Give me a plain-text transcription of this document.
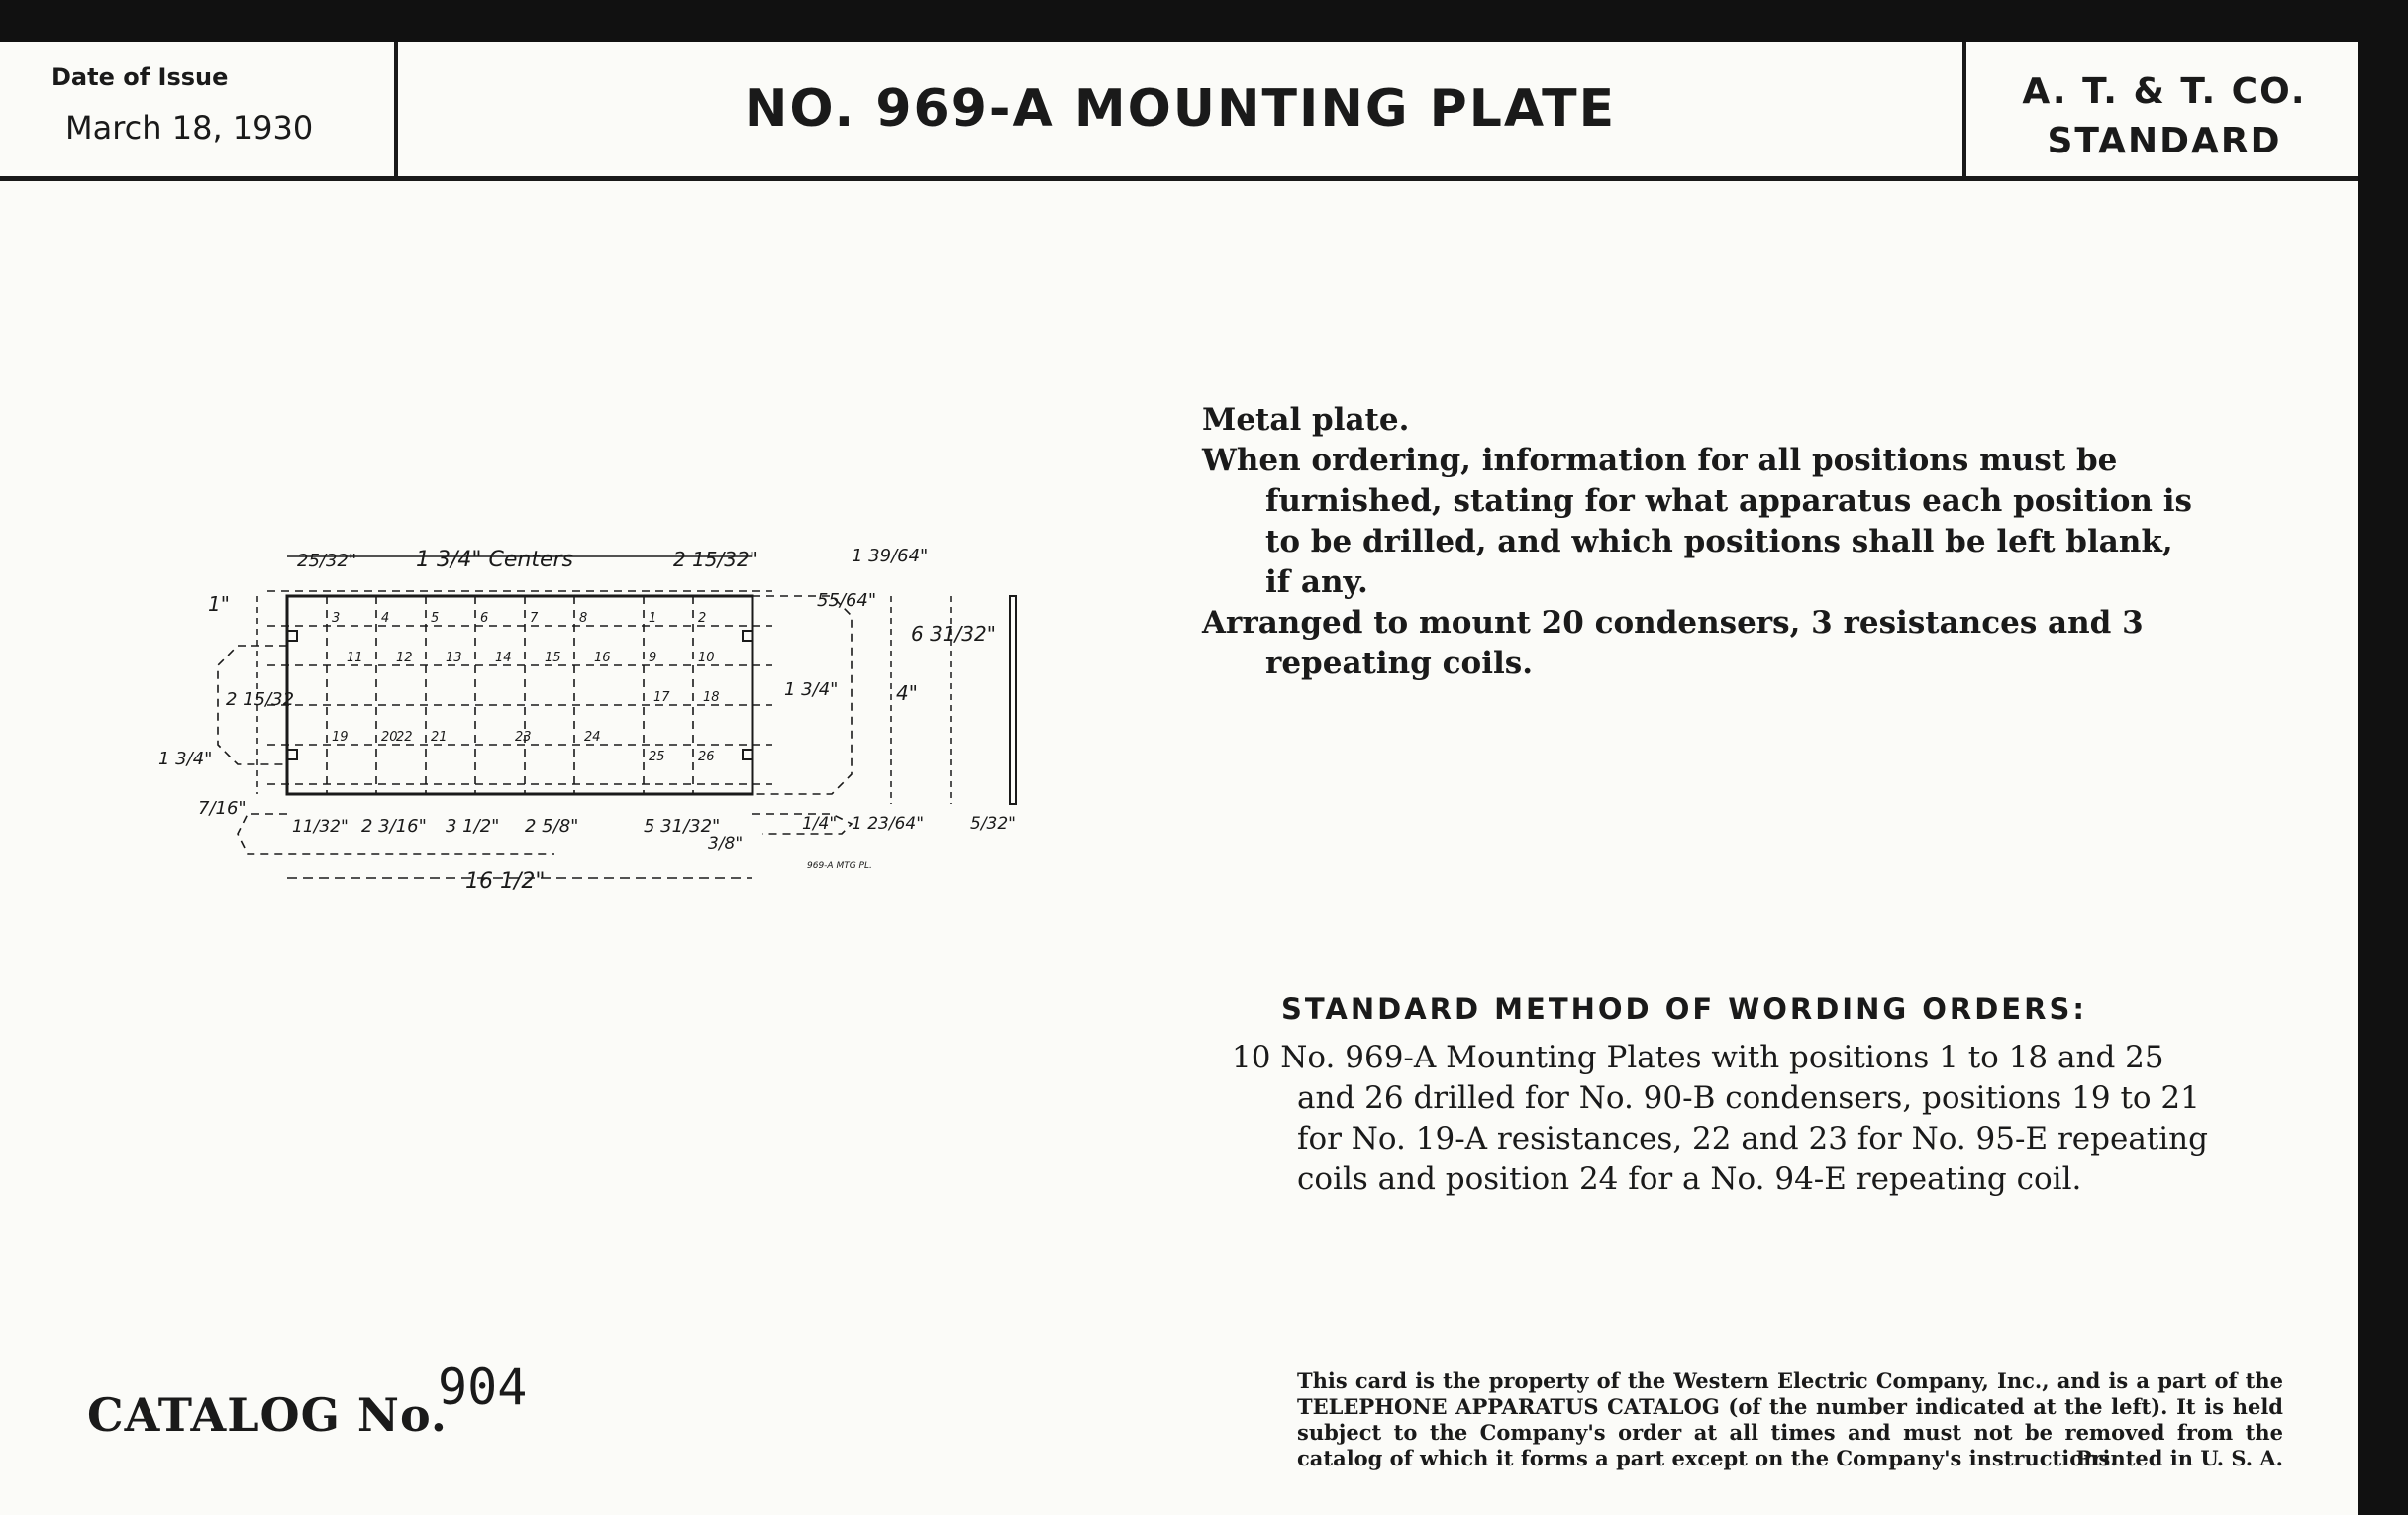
Date of Issue
March 18, 1930	NO. 969-A MOUNTING PLATE	A. T. & T. CO.
STANDARD
25/32"	1 3/4" Centers	2 15/32"	1 39/64"
55/64"
6 31/32"
1"
2 15/32
1 3/4"
7/16"
1 3/4"	4"
11/32" 2 3/16" 3 1/2" 2 5/8"	5 31/32"
3/8"
1/4" 1 23/64"	5/32"
16 1/2"
969-A MTG PL.
3	4	5	6	7	8	1	2
11	12	13	14	15	16	9	10
19	20	21	23	24
17	18
22
25	26

Metal plate.

When ordering, information for all positions must be furnished, stating for what apparatus each position is to be drilled, and which positions shall be left blank, if any.

Arranged to mount 20 condensers, 3 resistances and 3 repeating coils.

STANDARD METHOD OF WORDING ORDERS:
10 No. 969-A Mounting Plates with positions 1 to 18 and 25 and 26 drilled for No. 90-B condensers, positions 19 to 21 for No. 19-A resistances, 22 and 23 for No. 95-E repeating coils and position 24 for a No. 94-E repeating coil.
CATALOG No.
904	This card is the property of the Western Electric Company, Inc., and is a part of the TELEPHONE APPARATUS CATALOG (of the number indicated at the left). It is held subject to the Company's order at all times and must not be removed from the catalog of which it forms a part except on the Company's instructions.
Printed in U. S. A.
